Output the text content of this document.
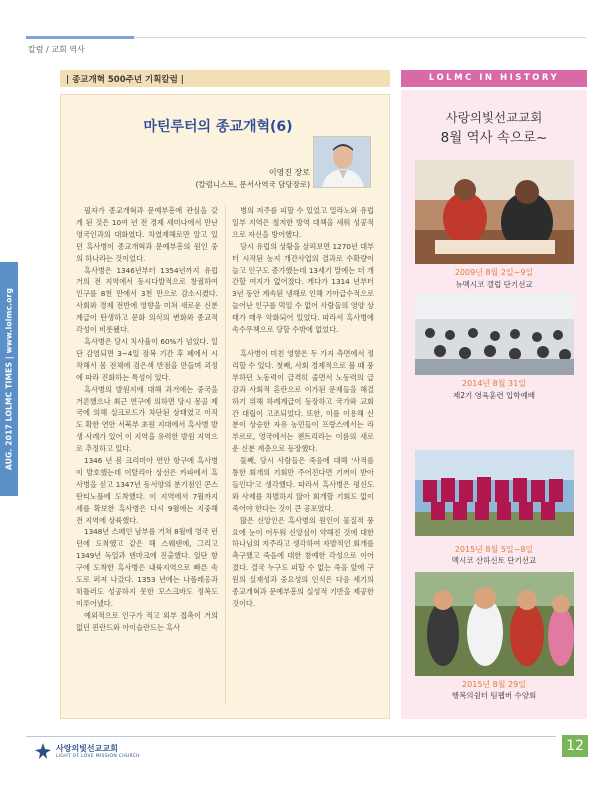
칼럼 / 교회 역사
AUG. 2017 LOLMC TIMES | www.lolmc.org
| 종교개혁 500주년 기획칼럼 |
마틴루터의 종교개혁(6)
이영진 장로
(칼럼니스트, 문서사역국 담당장로)

필자가 종교개혁과 문예부흥에 관심을 갖게 된 것은 10여 년 전 경제 세미나에서 만난 영국인과의 대화였다. 차였재해로만 알고 있던 흑사병이 종교개혁과 문예부흥의 원인 중의 하나라는 것이었다.

흑사병은 1346년부터 1354년까지 유럽 거의 전 지역에서 동시다발적으로 창궐하여 인구를 8천 만에서 3천 만으로 감소시켰다. 사회와 경제 전반에 영향을 미쳐 새로운 신분 계급이 탄생하고 문화 의식의 변화와 종교적 각성이 비롯됐다.

흑사병은 당시 치사율이 60%가 넘었다. 일단 감염되면 3~4일 잠복 기간 후 폐에서 시작해서 몸 전체에 검은색 반점을 만들며 괴정에 따라 진화하는 특성이 있다.

흑사병의 발원지에 대해 과거에는 중국을 거론했으나 최근 연구에 의하면 당시 몽골 제국에 의해 실크로드가 차단된 상태였고 이직도 확한 연안 서북부 초원 지대에서 흑사병 발생 사례가 있어 이 지역을 유력한 발원 지역으로 추정하고 있다.

1346 년 봄 크리미아 연안 항구에 흑사병이 발호했는데 이탈리아 상선은 카파에서 흑사병을 싣고 1347년 동서양의 분기점인 콘스탄티노플에 도착했다. 이 지역에서 7월까지 세를 확보한 흑사병은 다시 9월에는 지중해 전 지역에 상륙했다.

1348년 스페인 남부를 거쳐 8월에 영국 런던에 도착했고 같은 해 스웨덴에, 그리고 1349년 독일과 덴마크에 진출했다. 일단 항구에 도착한 흑사병은 내륙지역으로 빠른 속도로 퍼져 나갔다. 1353 년에는 나폴레옹과 히틀러도 성공하지 못한 모스크바도 정복도 이루어냈다.

예외적으로 인구가 적고 외부 접촉이 거의 없던 핀란드와 아이슬란드는 흑사

병의 저주를 피할 수 있었고 밀라노와 유럽 일부 지역은 철저한 방역 대책을 세워 성공적으로 자신을 방어했다.

당시 유럽의 상황을 살펴보면 1270년 대부터 시작된 농지 개간사업의 결과로 수확량이 늘고 인구도 증가했는데 13세기 말에는 더 개간할 여지가 없어졌다. 게다가 1314 년부터 3년 동안 계속된 냉해로 인해 기아급수적으로 늘어난 인구를 먹일 수 없어 사람들의 영양 상태가 매우 악화되어 있었다. 따라서 흑사병에 속수무책으로 당할 수밖에 없었다.

흑사병이 미친 영향은 두 가지 측면에서 정리할 수 있다. 첫째, 사회 경제적으로 볼 때 풍부하던 노동력이 급격히 줄면서 노동력의 급감과 사회적 혼란으로 이가된 문제들을 해결하기 위해 하례계급이 등장하고 국가와 교회 간 대립이 고조되었다. 또한, 이를 이용해 신분이 상승한 자유 농민들이 프랑스에서는 라부르로, 영국에서는 젠트리라는 이름의 새로운 신분 계층으로 등장했다.

둘째, 당시 사람들은 죽음에 대해 '사적를 통한 회개의 기회만 주어진다면 기꺼이 받아들인다'고 생각했다. 따라서 흑사병은 평신도와 사제를 차별하지 않아 회개할 기회도 없이 죽어야 한다는 것이 큰 공포였다.

많은 신앙인은 흑사병의 원인이 물질적 풍요에 눈이 어두워 신앙심이 약해진 것에 대한 하나님의 저주라고 생각하여 자발적인 회개를 촉구했고 죽음에 대한 참예한 각성으로 이어졌다. 결국 누구도 피할 수 없는 죽음 앞에 구원의 실재성과 중요성의 인식은 다음 세기의 종교개혁과 문예부흥의 실성적 기반을 제공한 것이다.

LOLMC IN HISTORY
사랑의빛선교교회
8월 역사 속으로~
2009년 8월 2일~9일
뉴멕시코 갤럽 단기선교
2014년 8월 31일
제2기 영육훈련 입학예배
2015년 8월 5일~8일
멕시코 산하신토 단기선교
2015년 8월 29일
행복의쉼터 팀웹버 수양회
사랑의빛선교교회
LIGHT OF LOVE MISSION CHURCH
12
